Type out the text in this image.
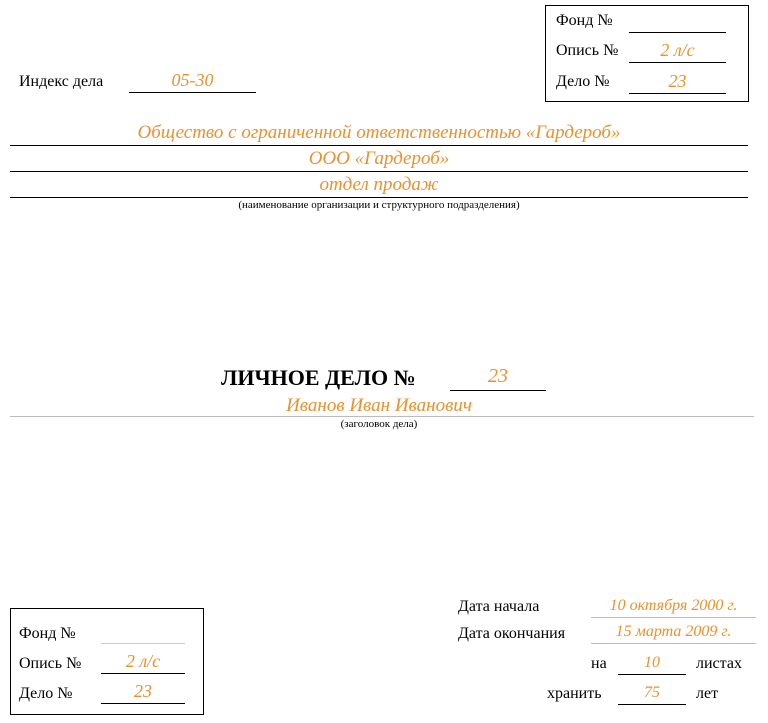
Фонд №
Опись №	2 л/с
Дело №	23
Индекс дела	05-30
Общество с ограниченной ответственностью «Гардероб»
ООО «Гардероб»
отдел продаж
(наименование организации и структурного подразделения)
ЛИЧНОЕ ДЕЛО №	23
Иванов Иван Иванович
(заголовок дела)
Дата начала	10 октября 2000 г.
Дата окончания	15 марта 2009 г.
на	10	листах
хранить	75	лет
Фонд №
Опись №	2 л/с
Дело №	23
